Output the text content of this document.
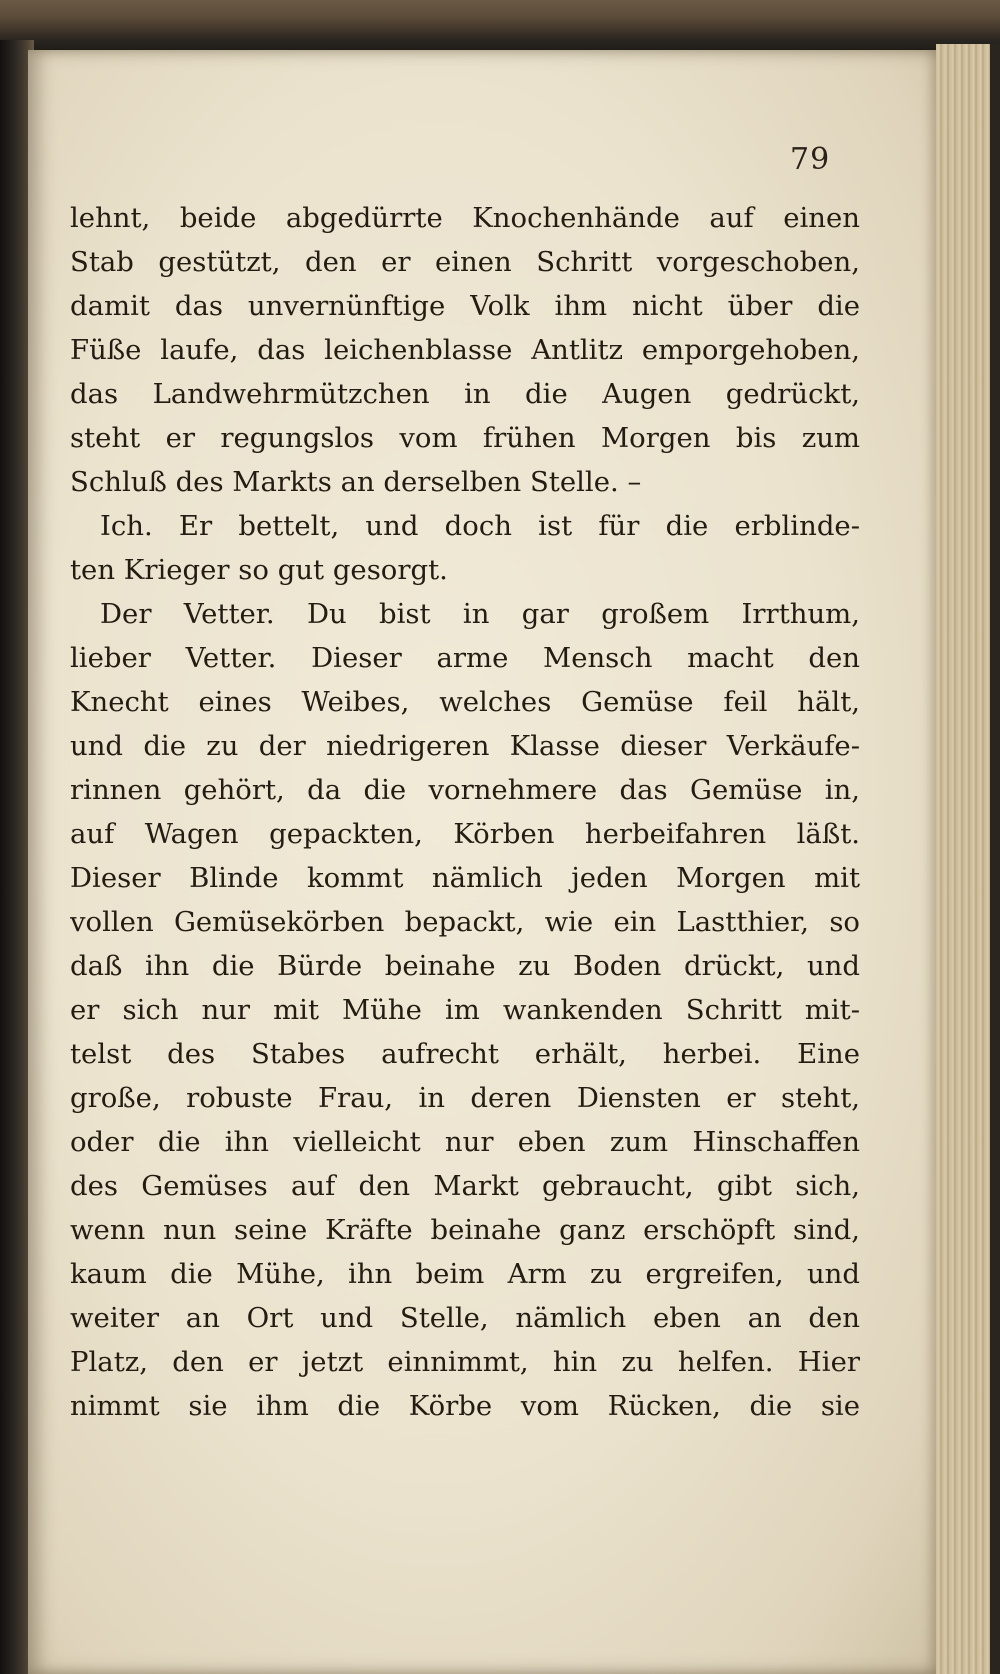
79
lehnt, beide abgedürrte Knochenhände auf einen
Stab gestützt, den er einen Schritt vorgeschoben,
damit das unvernünftige Volk ihm nicht über die
Füße laufe, das leichenblasse Antlitz emporgehoben,
das Landwehrmützchen in die Augen gedrückt,
steht er regungslos vom frühen Morgen bis zum
Schluß des Markts an derselben Stelle. –
Ich. Er bettelt, und doch ist für die erblinde-
ten Krieger so gut gesorgt.
Der Vetter. Du bist in gar großem Irrthum,
lieber Vetter. Dieser arme Mensch macht den
Knecht eines Weibes, welches Gemüse feil hält,
und die zu der niedrigeren Klasse dieser Verkäufe-
rinnen gehört, da die vornehmere das Gemüse in,
auf Wagen gepackten, Körben herbeifahren läßt.
Dieser Blinde kommt nämlich jeden Morgen mit
vollen Gemüsekörben bepackt, wie ein Lastthier, so
daß ihn die Bürde beinahe zu Boden drückt, und
er sich nur mit Mühe im wankenden Schritt mit-
telst des Stabes aufrecht erhält, herbei. Eine
große, robuste Frau, in deren Diensten er steht,
oder die ihn vielleicht nur eben zum Hinschaffen
des Gemüses auf den Markt gebraucht, gibt sich,
wenn nun seine Kräfte beinahe ganz erschöpft sind,
kaum die Mühe, ihn beim Arm zu ergreifen, und
weiter an Ort und Stelle, nämlich eben an den
Platz, den er jetzt einnimmt, hin zu helfen. Hier
nimmt sie ihm die Körbe vom Rücken, die sie
